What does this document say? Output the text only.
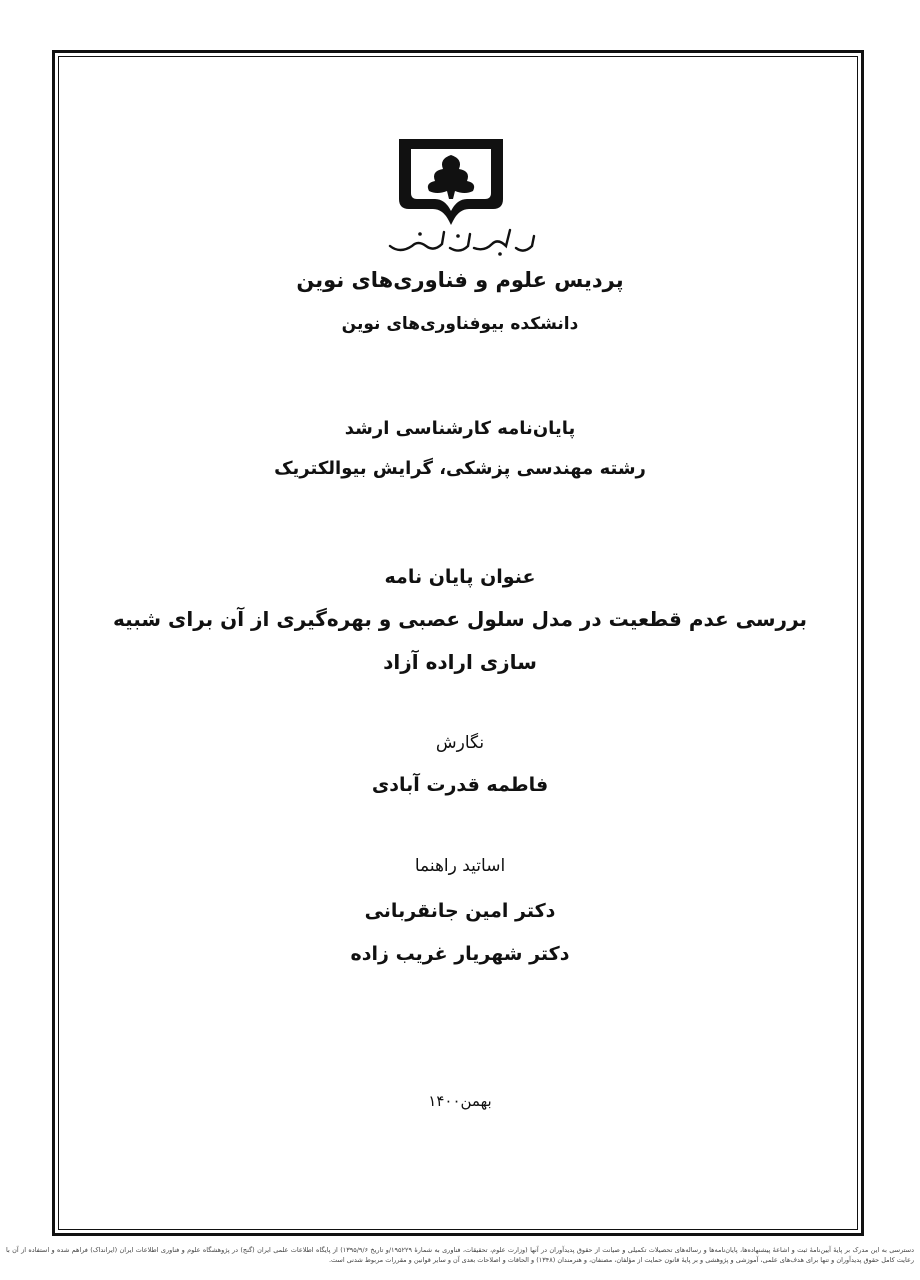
پردیس علوم و فناوری‌های نوین
دانشکده بیوفناوری‌های نوین
پایان‌نامه کارشناسی ارشد
رشته مهندسی پزشکی، گرایش بیوالکتریک
عنوان پایان نامه
بررسی عدم قطعیت در مدل سلول عصبی و بهره‌گیری از آن برای شبیه
سازی اراده آزاد
نگارش
فاطمه قدرت آبادی
اساتید راهنما
دکتر امین جانقربانی
دکتر شهریار غریب زاده
بهمن۱۴۰۰
دسترسی به این مدرک بر پایهٔ آیین‌نامهٔ ثبت و اشاعهٔ پیشنهاده‌ها، پایان‌نامه‌ها و رساله‌های تحصیلات تکمیلی و صیانت از حقوق پدیدآوران در آنها (وزارت علوم، تحقیقات، فناوری به شمارهٔ ۱۹۵۲۲۹/و تاریخ ۱۳۹۵/۹/۶) از پایگاه اطلاعات علمی ایران (گنج) در پژوهشگاه علوم و فناوری اطلاعات ایران (ایرانداک) فراهم شده و استفاده از آن با رعایت کامل حقوق پدیدآوران و تنها برای هدف‌های علمی، آموزشی و پژوهشی و بر پایهٔ قانون حمایت از مؤلفان، مصنفان، و هنرمندان (۱۳۴۸) و الحاقات و اصلاحات بعدی آن و سایر قوانین و مقررات مربوط شدنی است.
